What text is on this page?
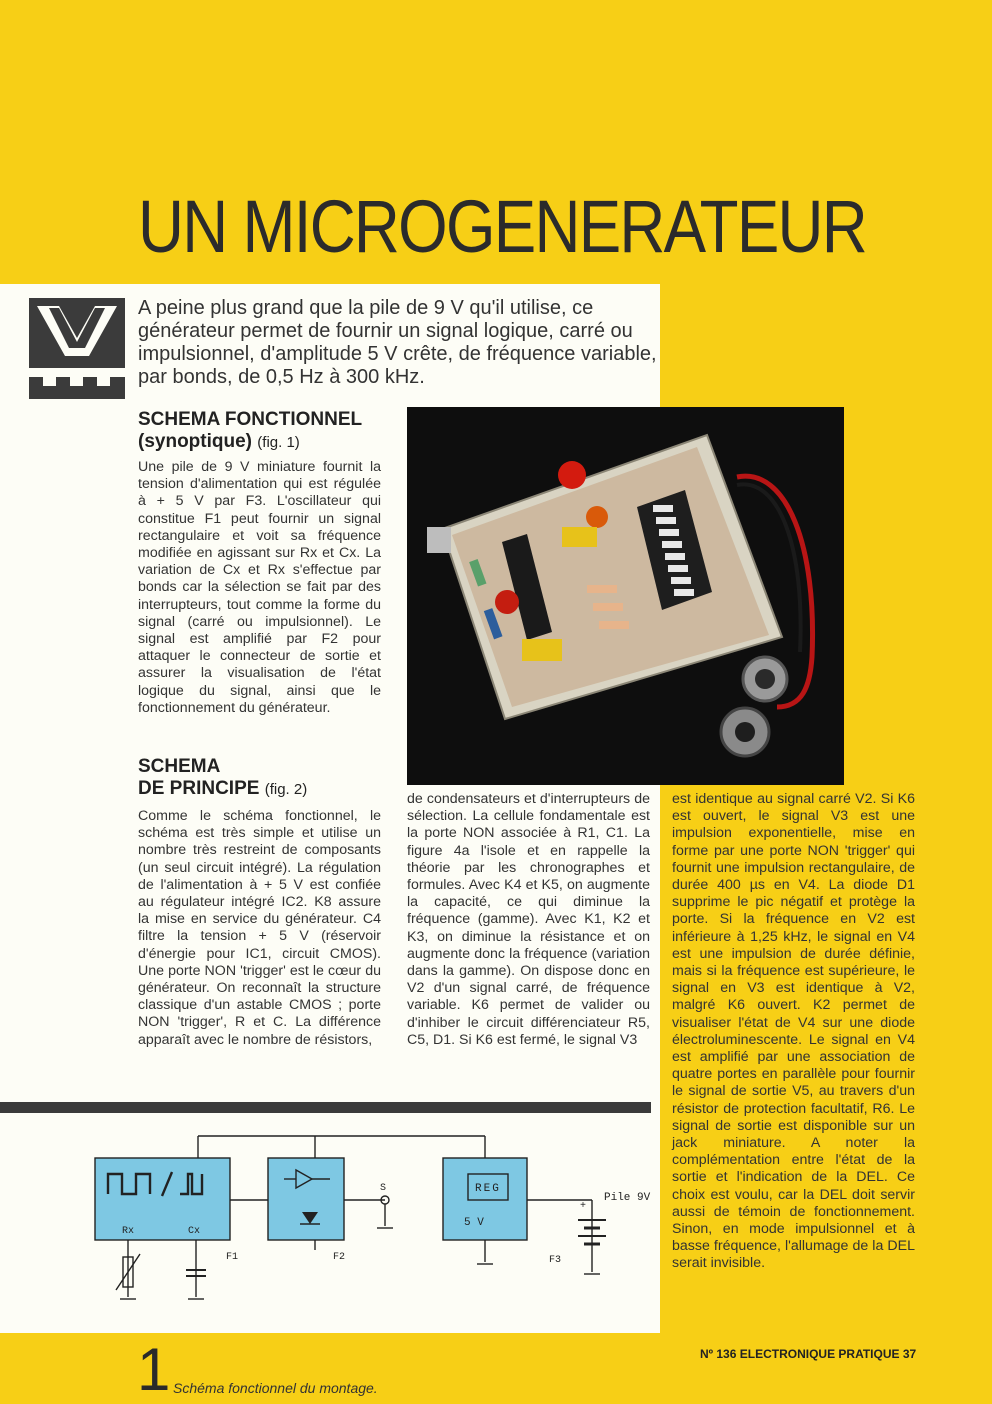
UN MICROGENERATEUR
A peine plus grand que la pile de 9 V qu'il utilise, ce générateur permet de fournir un signal logique, carré ou impulsionnel, d'amplitude 5 V crête, de fréquence variable, par bonds, de 0,5 Hz à 300 kHz.
SCHEMA FONCTIONNEL
(synoptique) (fig. 1)
Une pile de 9 V miniature fournit la tension d'alimentation qui est régulée à + 5 V par F3. L'oscillateur qui constitue F1 peut fournir un signal rectangulaire et voit sa fréquence modifiée en agissant sur Rx et Cx. La variation de Cx et Rx s'effectue par bonds car la sélection se fait par des interrupteurs, tout comme la forme du signal (carré ou impulsionnel). Le signal est amplifié par F2 pour attaquer le connecteur de sortie et assurer la visualisation de l'état logique du signal, ainsi que le fonctionnement du générateur.
SCHEMA
DE PRINCIPE (fig. 2)
Comme le schéma fonctionnel, le schéma est très simple et utilise un nombre très restreint de composants (un seul circuit intégré). La régulation de l'alimentation à + 5 V est confiée au régulateur intégré IC2. K8 assure la mise en service du générateur. C4 filtre la tension + 5 V (réservoir d'énergie pour IC1, circuit CMOS). Une porte NON 'trigger' est le cœur du générateur. On reconnaît la structure classique d'un astable CMOS ; porte NON 'trigger', R et C. La différence apparaît avec le nombre de résistors,
de condensateurs et d'interrupteurs de sélection. La cellule fondamentale est la porte NON associée à R1, C1. La figure 4a l'isole et en rappelle la théorie par les chronographes et formules. Avec K4 et K5, on augmente la capacité, ce qui diminue la fréquence (gamme). Avec K1, K2 et K3, on diminue la résistance et on augmente donc la fréquence (variation dans la gamme). On dispose donc en V2 d'un signal carré, de fréquence variable. K6 permet de valider ou d'inhiber le circuit différenciateur R5, C5, D1. Si K6 est fermé, le signal V3
est identique au signal carré V2. Si K6 est ouvert, le signal V3 est une impulsion exponentielle, mise en forme par une porte NON 'trigger' qui fournit une impulsion rectangulaire, de durée 400 µs en V4. La diode D1 supprime le pic négatif et protège la porte. Si la fréquence en V2 est inférieure à 1,25 kHz, le signal en V4 est une impulsion de durée définie, mais si la fréquence est supérieure, le signal en V3 est identique à V2, malgré K6 ouvert. K2 permet de visualiser l'état de V4 sur une diode électroluminescente. Le signal en V4 est amplifié par une association de quatre portes en parallèle pour fournir le signal de sortie V5, au travers d'un résistor de protection facultatif, R6. Le signal de sortie est disponible sur un jack miniature. A noter la complémentation entre l'état de la sortie et l'indication de la DEL. Ce choix est voulu, car la DEL doit servir aussi de témoin de fonctionnement. Sinon, en mode impulsionnel et à basse fréquence, l'allumage de la DEL serait invisible.
Rx	Cx
F1	F2	F3
S	REG
5 V
Pile 9V
+
1 Schéma fonctionnel du montage.
Nº 136 ELECTRONIQUE PRATIQUE 37
